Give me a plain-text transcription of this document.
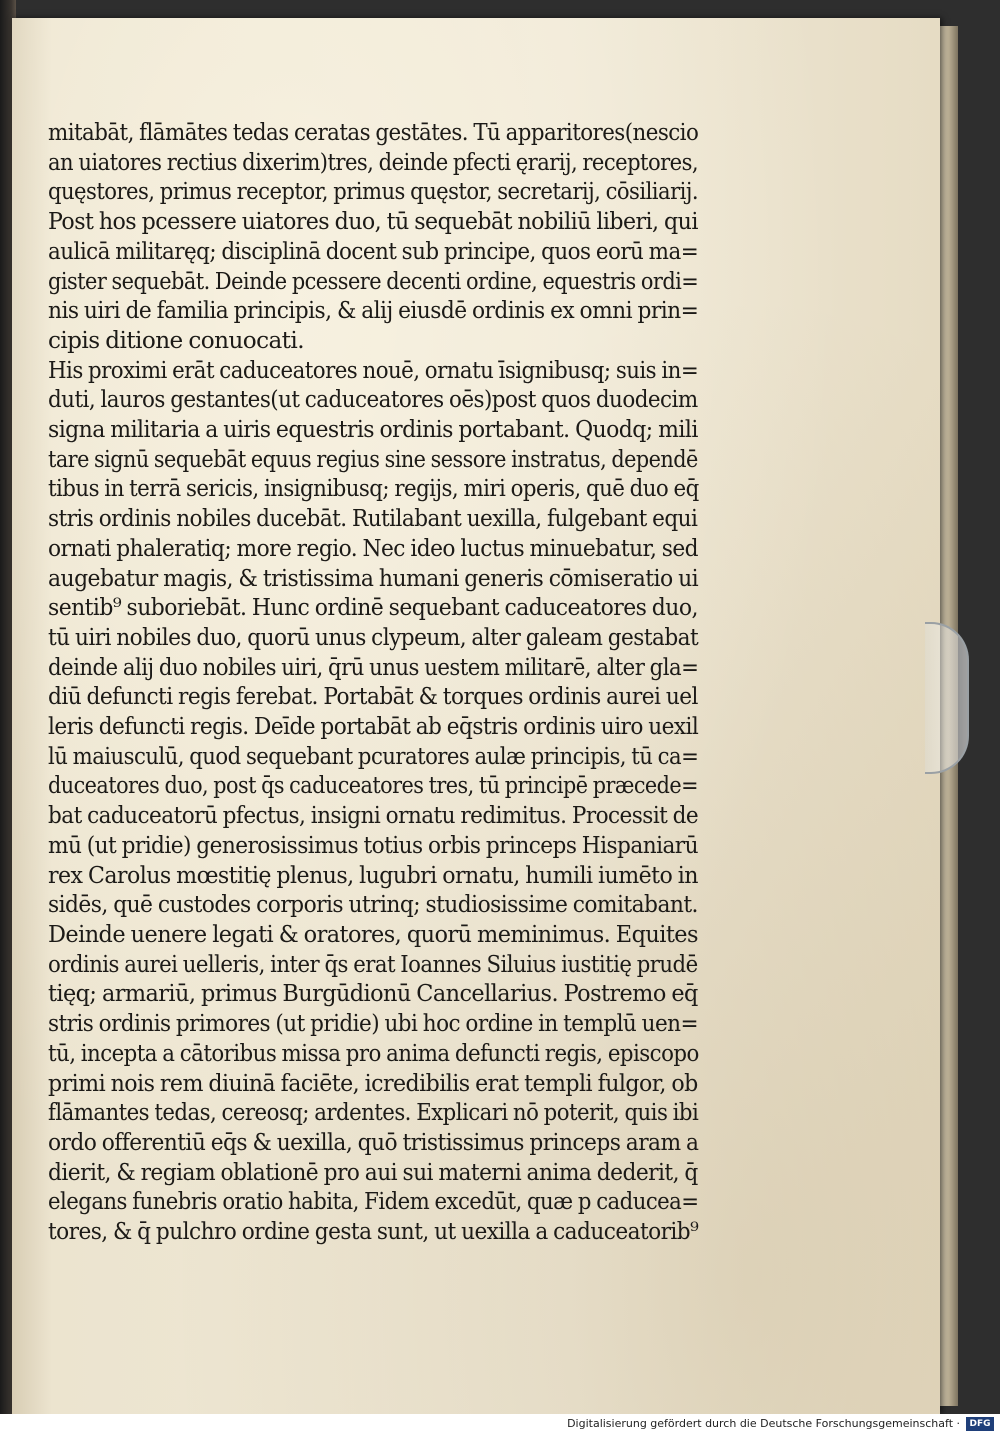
mitabāt, flāmātes tedas ceratas gestātes. Tū apparitores(nescio
an uiatores rectius dixerim)tres, deinde pfecti ęrarij, receptores,
quęstores, primus receptor, primus quęstor, secretarij, cōsiliarij.
Post hos pcessere uiatores duo, tū sequebāt nobiliū liberi, qui
aulicā militaręq; disciplinā docent sub principe, quos eorū ma=
gister sequebāt. Deinde pcessere decenti ordine, equestris ordi=
nis uiri de familia principis, & alij eiusdē ordinis ex omni prin=
cipis ditione conuocati.
His proximi erāt caduceatores nouē, ornatu īsignibusq; suis in=
duti, lauros gestantes(ut caduceatores oēs)post quos duodecim
signa militaria a uiris equestris ordinis portabant. Quodq; mili
tare signū sequebāt equus regius sine sessore instratus, dependē
tibus in terrā sericis, insignibusq; regijs, miri operis, quē duo eq̄
stris ordinis nobiles ducebāt. Rutilabant uexilla, fulgebant equi
ornati phaleratiq; more regio. Nec ideo luctus minuebatur, sed
augebatur magis, & tristissima humani generis cōmiseratio ui
sentib⁹ suboriebāt. Hunc ordinē sequebant caduceatores duo,
tū uiri nobiles duo, quorū unus clypeum, alter galeam gestabat
deinde alij duo nobiles uiri, q̄rū unus uestem militarē, alter gla=
diū defuncti regis ferebat. Portabāt & torques ordinis aurei uel
leris defuncti regis. Deīde portabāt ab eq̄stris ordinis uiro uexil
lū maiusculū, quod sequebant pcuratores aulæ principis, tū ca=
duceatores duo, post q̄s caduceatores tres, tū principē præcede=
bat caduceatorū pfectus, insigni ornatu redimitus. Processit de
mū (ut pridie) generosissimus totius orbis princeps Hispaniarū
rex Carolus mœstitię plenus, lugubri ornatu, humili iumēto in
sidēs, quē custodes corporis utrinq; studiosissime comitabant.
Deinde uenere legati & oratores, quorū meminimus. Equites
ordinis aurei uelleris, inter q̄s erat Ioannes Siluius iustitię prudē
tięq; armariū, primus Burgūdionū Cancellarius. Postremo eq̄
stris ordinis primores (ut pridie) ubi hoc ordine in templū uen=
tū, incepta a cātoribus missa pro anima defuncti regis, episcopo
primi nois rem diuinā faciēte, icredibilis erat templi fulgor, ob
flāmantes tedas, cereosq; ardentes. Explicari nō poterit, quis ibi
ordo offerentiū eq̄s & uexilla, quō tristissimus princeps aram a
dierit, & regiam oblationē pro aui sui materni anima dederit, q̄
elegans funebris oratio habita, Fidem excedūt, quæ p caducea=
tores, & q̄ pulchro ordine gesta sunt, ut uexilla a caduceatorib⁹
Digitalisierung gefördert durch die Deutsche Forschungsgemeinschaft ·	DFG
